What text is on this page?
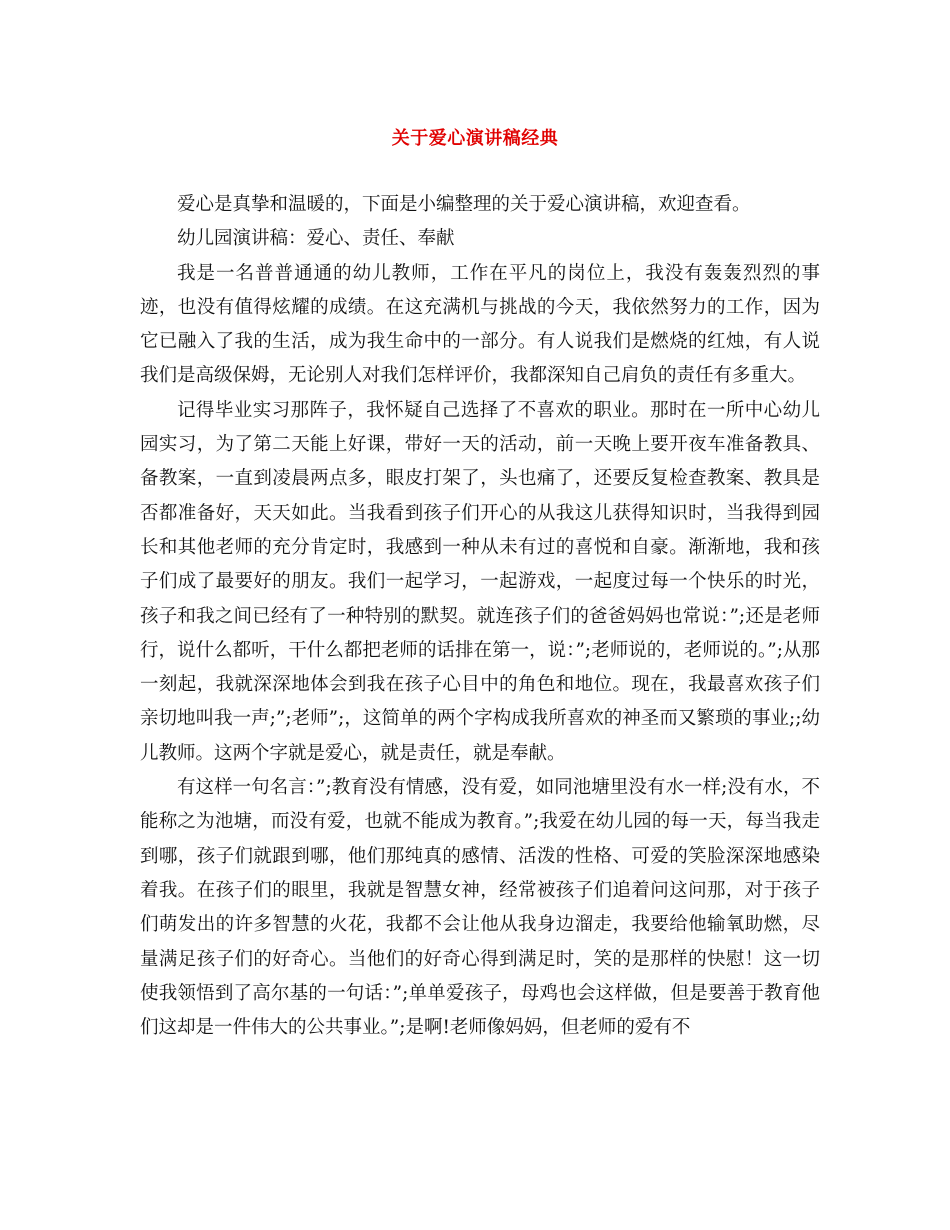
关于爱心演讲稿经典

爱心是真挚和温暖的，下面是小编整理的关于爱心演讲稿，欢迎查看。

幼儿园演讲稿：爱心、责任、奉献

我是一名普普通通的幼儿教师，工作在平凡的岗位上，我没有轰轰烈烈的事迹，也没有值得炫耀的成绩。在这充满机与挑战的今天，我依然努力的工作，因为它已融入了我的生活，成为我生命中的一部分。有人说我们是燃烧的红烛，有人说我们是高级保姆，无论别人对我们怎样评价，我都深知自己肩负的责任有多重大。

记得毕业实习那阵子，我怀疑自己选择了不喜欢的职业。那时在一所中心幼儿园实习，为了第二天能上好课，带好一天的活动，前一天晚上要开夜车准备教具、备教案，一直到凌晨两点多，眼皮打架了，头也痛了，还要反复检查教案、教具是否都准备好，天天如此。当我看到孩子们开心的从我这儿获得知识时，当我得到园长和其他老师的充分肯定时，我感到一种从未有过的喜悦和自豪。渐渐地，我和孩子们成了最要好的朋友。我们一起学习，一起游戏，一起度过每一个快乐的时光，孩子和我之间已经有了一种特别的默契。就连孩子们的爸爸妈妈也常说：”;还是老师行，说什么都听，干什么都把老师的话排在第一，说：”;老师说的，老师说的。”;从那一刻起，我就深深地体会到我在孩子心目中的角色和地位。现在，我最喜欢孩子们亲切地叫我一声;”;老师”;，这简单的两个字构成我所喜欢的神圣而又繁琐的事业;;幼儿教师。这两个字就是爱心，就是责任，就是奉献。

有这样一句名言：”;教育没有情感，没有爱，如同池塘里没有水一样;没有水，不能称之为池塘，而没有爱，也就不能成为教育。”;我爱在幼儿园的每一天，每当我走到哪，孩子们就跟到哪，他们那纯真的感情、活泼的性格、可爱的笑脸深深地感染着我。在孩子们的眼里，我就是智慧女神，经常被孩子们追着问这问那，对于孩子们萌发出的许多智慧的火花，我都不会让他从我身边溜走，我要给他输氧助燃，尽量满足孩子们的好奇心。当他们的好奇心得到满足时，笑的是那样的快慰！这一切使我领悟到了高尔基的一句话：”;单单爱孩子，母鸡也会这样做，但是要善于教育他们这却是一件伟大的公共事业。”;是啊!老师像妈妈，但老师的爱有不
